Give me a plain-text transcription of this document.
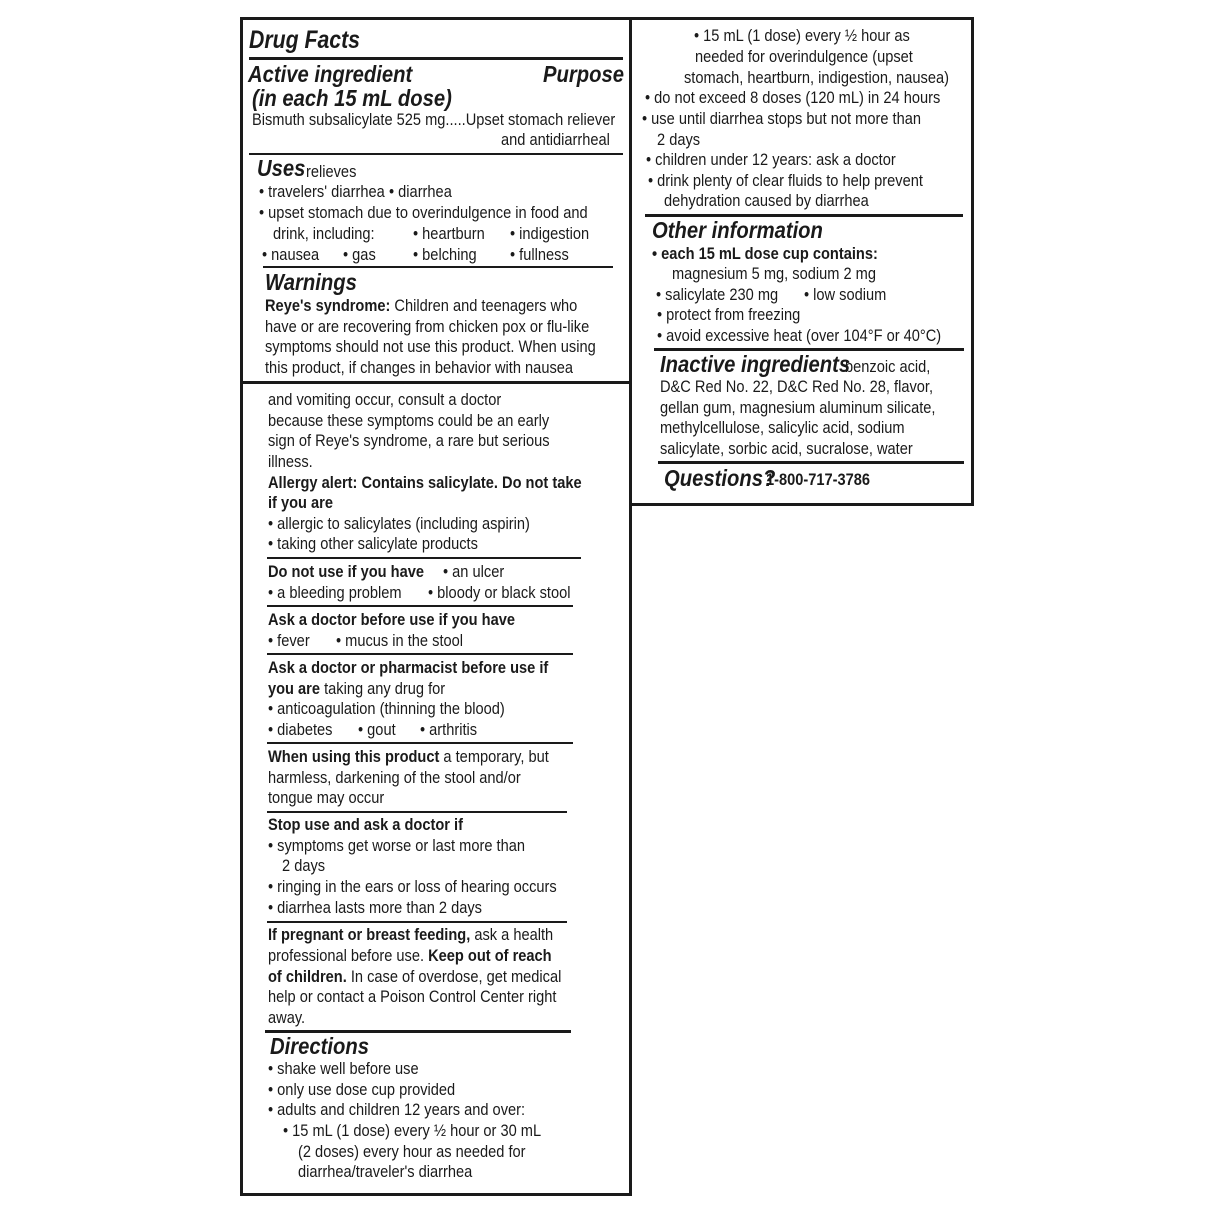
Drug Facts
Active ingredient	Purpose
(in each 15 mL dose)
Bismuth subsalicylate 525 mg.....Upset stomach reliever
and antidiarrheal
Uses relieves
• travelers' diarrhea • diarrhea
• upset stomach due to overindulgence in food and
drink, including: • heartburn • indigestion
• nausea • gas • belching • fullness
Warnings
Reye's syndrome: Children and teenagers who
have or are recovering from chicken pox or flu-like
symptoms should not use this product. When using
this product, if changes in behavior with nausea
and vomiting occur, consult a doctor
because these symptoms could be an early
sign of Reye's syndrome, a rare but serious
illness.
Allergy alert: Contains salicylate. Do not take
if you are
• allergic to salicylates (including aspirin)
• taking other salicylate products
Do not use if you have • an ulcer
• a bleeding problem • bloody or black stool
Ask a doctor before use if you have
• fever • mucus in the stool
Ask a doctor or pharmacist before use if
you are taking any drug for
• anticoagulation (thinning the blood)
• diabetes • gout • arthritis
When using this product a temporary, but
harmless, darkening of the stool and/or
tongue may occur
Stop use and ask a doctor if
• symptoms get worse or last more than
2 days
• ringing in the ears or loss of hearing occurs
• diarrhea lasts more than 2 days
If pregnant or breast feeding, ask a health
professional before use. Keep out of reach
of children. In case of overdose, get medical
help or contact a Poison Control Center right
away.
Directions
• shake well before use
• only use dose cup provided
• adults and children 12 years and over:
• 15 mL (1 dose) every ½ hour or 30 mL
(2 doses) every hour as needed for
diarrhea/traveler's diarrhea
• 15 mL (1 dose) every ½ hour as
needed for overindulgence (upset
stomach, heartburn, indigestion, nausea)
• do not exceed 8 doses (120 mL) in 24 hours
• use until diarrhea stops but not more than
2 days
• children under 12 years: ask a doctor
• drink plenty of clear fluids to help prevent
dehydration caused by diarrhea
Other information
• each 15 mL dose cup contains:
magnesium 5 mg, sodium 2 mg
• salicylate 230 mg • low sodium
• protect from freezing
• avoid excessive heat (over 104°F or 40°C)
Inactive ingredients
benzoic acid,
D&C Red No. 22, D&C Red No. 28, flavor,
gellan gum, magnesium aluminum silicate,
methylcellulose, salicylic acid, sodium
salicylate, sorbic acid, sucralose, water
Questions?
1-800-717-3786
